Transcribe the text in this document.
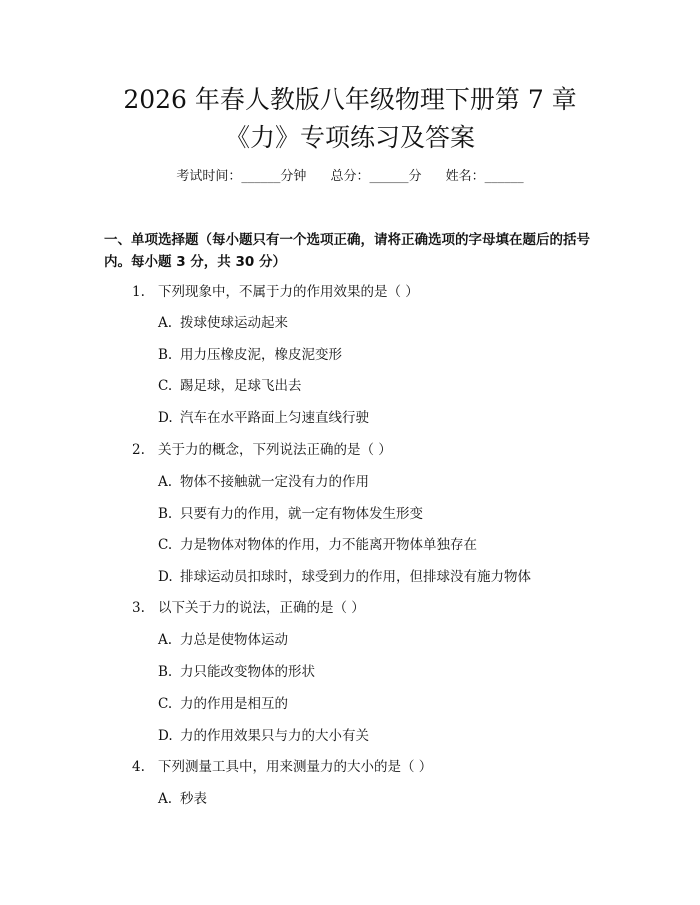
2026 年春人教版八年级物理下册第 7 章
《力》专项练习及答案
考试时间：______分钟 总分：______分 姓名：______
一、单项选择题（每小题只有一个选项正确，请将正确选项的字母填在题后的括号内。每小题 3 分，共 30 分）
1. 下列现象中，不属于力的作用效果的是（ ）
A. 拨球使球运动起来
B. 用力压橡皮泥，橡皮泥变形
C. 踢足球，足球飞出去
D. 汽车在水平路面上匀速直线行驶
2. 关于力的概念，下列说法正确的是（ ）
A. 物体不接触就一定没有力的作用
B. 只要有力的作用，就一定有物体发生形变
C. 力是物体对物体的作用，力不能离开物体单独存在
D. 排球运动员扣球时，球受到力的作用，但排球没有施力物体
3. 以下关于力的说法，正确的是（ ）
A. 力总是使物体运动
B. 力只能改变物体的形状
C. 力的作用是相互的
D. 力的作用效果只与力的大小有关
4. 下列测量工具中，用来测量力的大小的是（ ）
A. 秒表
